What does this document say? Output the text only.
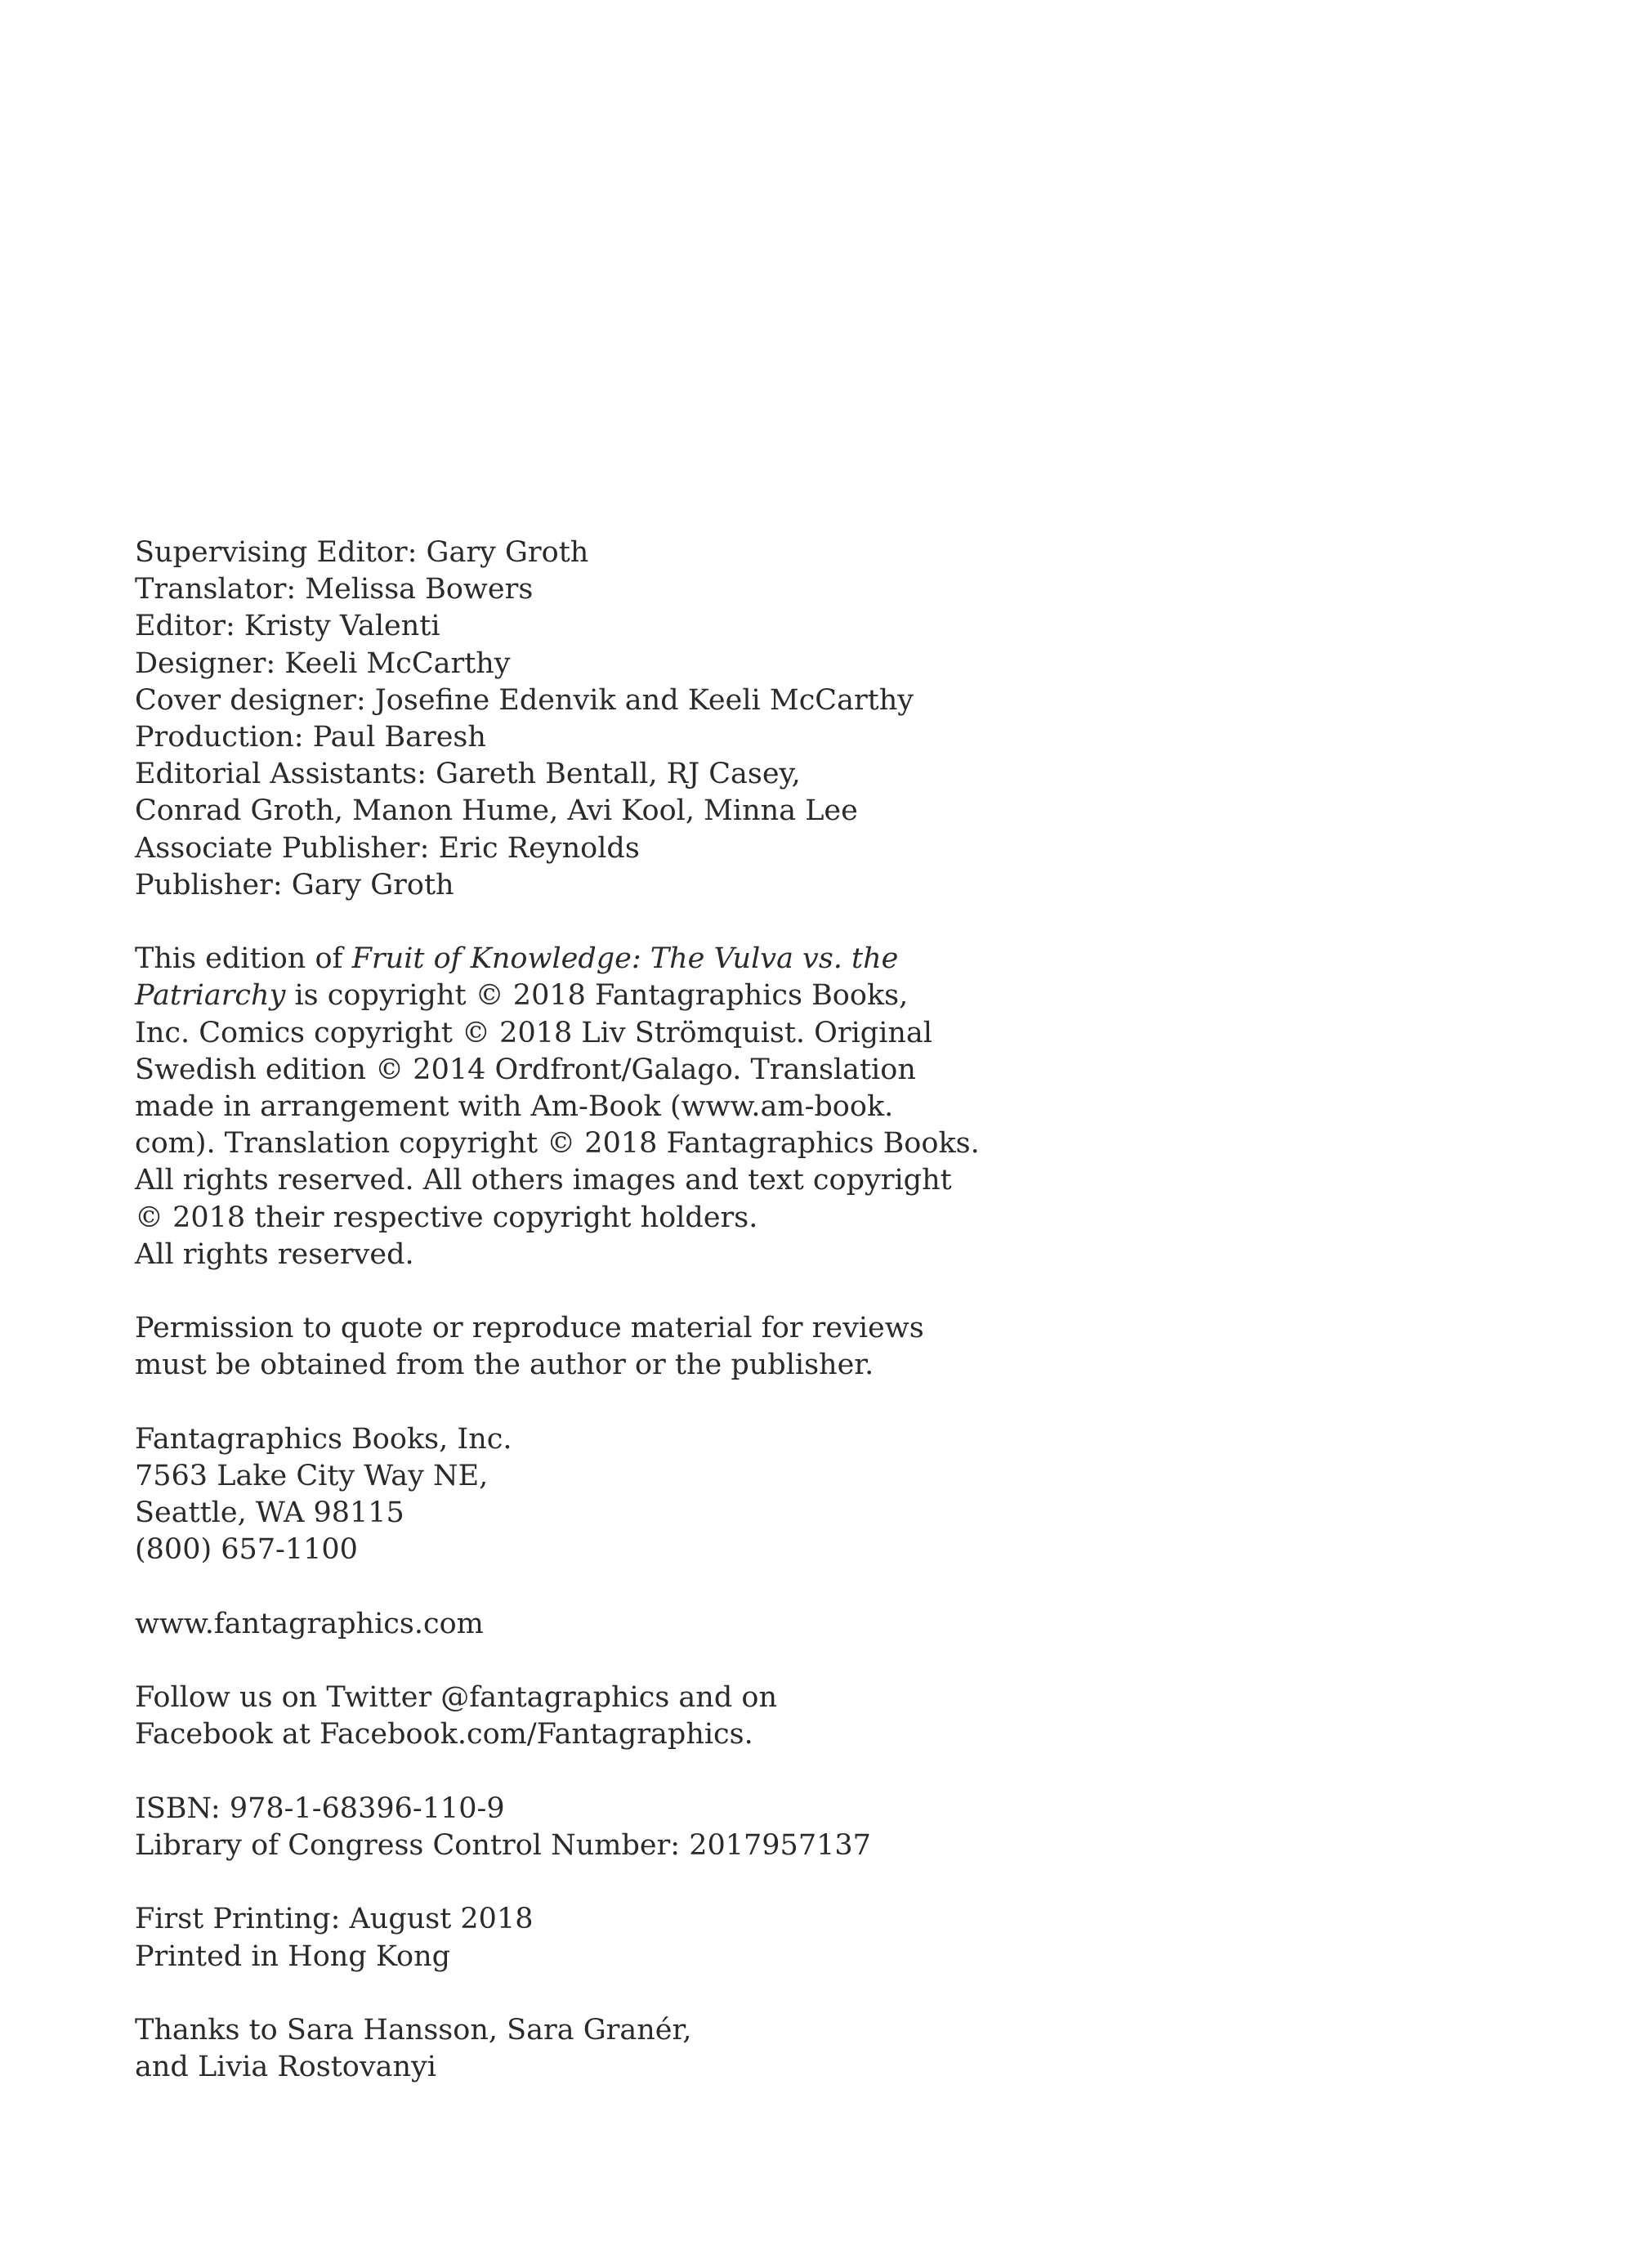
Supervising Editor: Gary Groth
Translator: Melissa Bowers
Editor: Kristy Valenti
Designer: Keeli McCarthy
Cover designer: Josefine Edenvik and Keeli McCarthy
Production: Paul Baresh
Editorial Assistants: Gareth Bentall, RJ Casey,
Conrad Groth, Manon Hume, Avi Kool, Minna Lee
Associate Publisher: Eric Reynolds
Publisher: Gary Groth
This edition of Fruit of Knowledge: The Vulva vs. the
Patriarchy is copyright © 2018 Fantagraphics Books,
Inc. Comics copyright © 2018 Liv Strömquist. Original
Swedish edition © 2014 Ordfront/Galago. Translation
made in arrangement with Am-Book (www.am-book.
com). Translation copyright © 2018 Fantagraphics Books.
All rights reserved. All others images and text copyright
© 2018 their respective copyright holders.
All rights reserved.
Permission to quote or reproduce material for reviews
must be obtained from the author or the publisher.
Fantagraphics Books, Inc.
7563 Lake City Way NE,
Seattle, WA 98115
(800) 657-1100
www.fantagraphics.com
Follow us on Twitter @fantagraphics and on
Facebook at Facebook.com/Fantagraphics.
ISBN: 978-1-68396-110-9
Library of Congress Control Number: 2017957137
First Printing: August 2018
Printed in Hong Kong
Thanks to Sara Hansson, Sara Granér,
and Livia Rostovanyi
